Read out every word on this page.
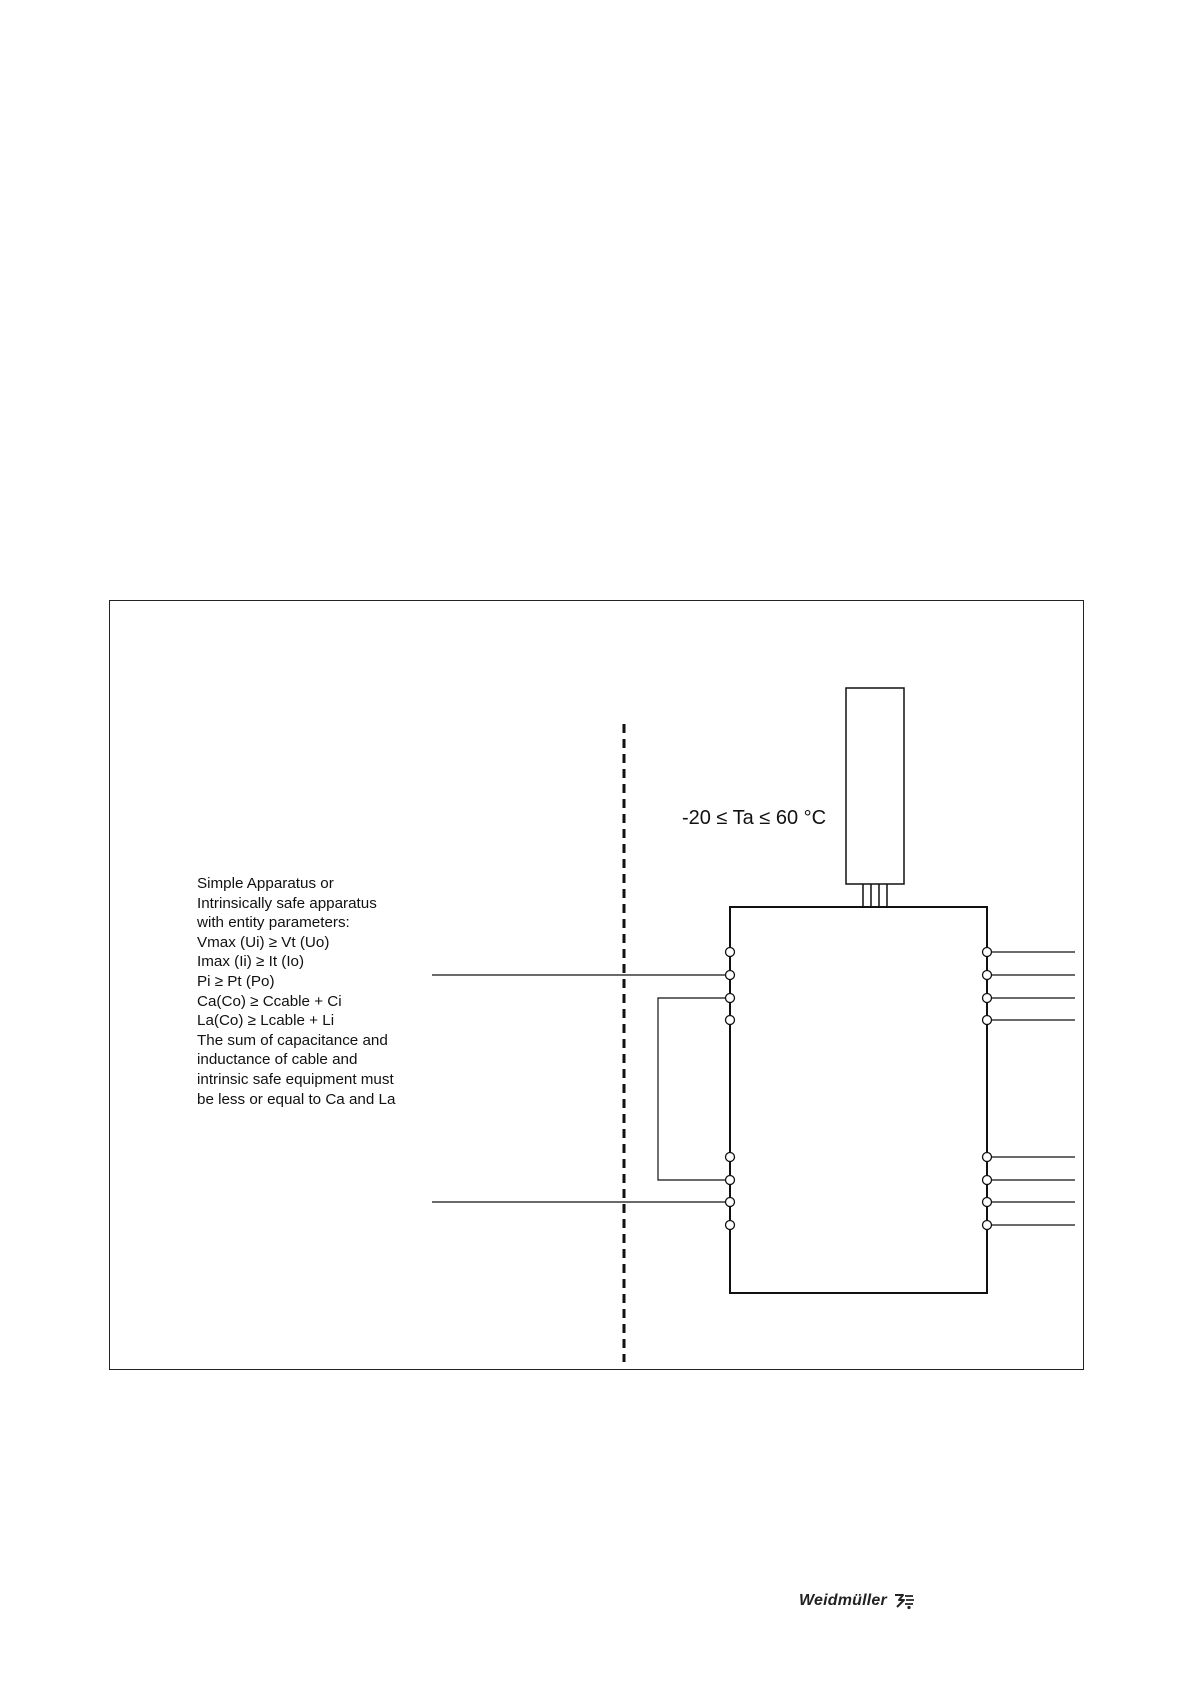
Simple Apparatus or
Intrinsically safe apparatus
with entity parameters:
Vmax (Ui) ≥ Vt (Uo)
Imax (Ii) ≥ It (Io)
Pi ≥ Pt (Po)
Ca(Co) ≥ Ccable + Ci
La(Co) ≥ Lcable + Li
The sum of capacitance and
inductance of cable and
intrinsic safe equipment must
be less or equal to Ca and La
-20 ≤ Ta ≤ 60 °C
Weidmüller
